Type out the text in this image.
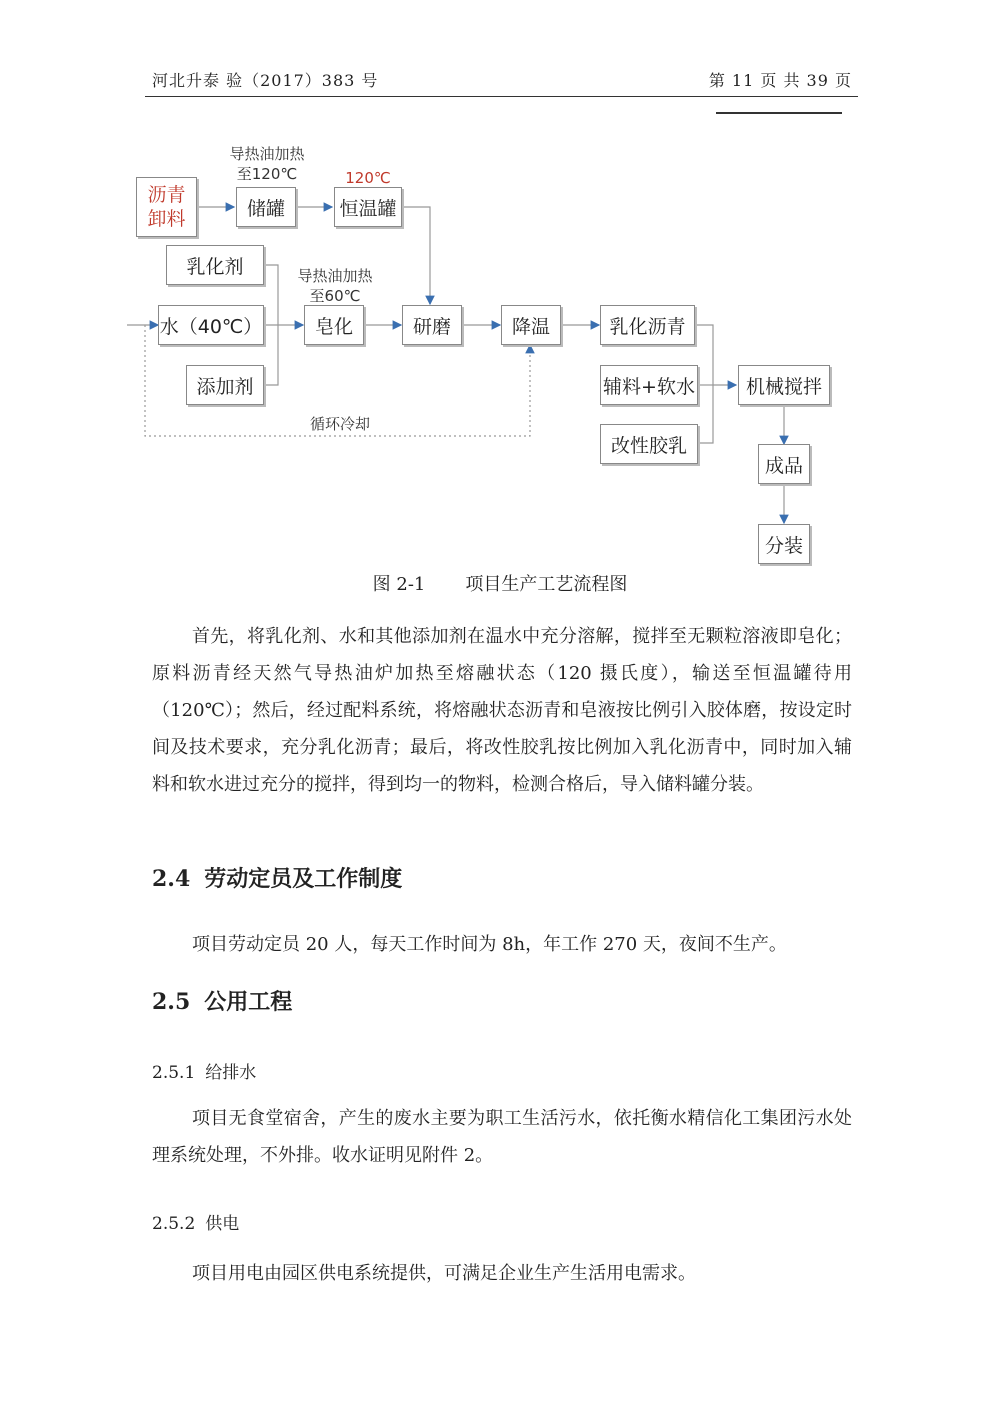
河北升泰 验（2017）383 号	第 11 页 共 39 页
沥青
卸料	储罐	恒温罐
乳化剂
水（40℃）
添加剂
皂化	研磨	降温	乳化沥青
辅料+软水
改性胶乳
机械搅拌
成品
分装
导热油加热
至120℃	120℃
导热油加热
至60℃
循环冷却
图 2-1 项目生产工艺流程图
首先，将乳化剂、水和其他添加剂在温水中充分溶解，搅拌至无颗粒溶液即皂化；原料沥青经天然气导热油炉加热至熔融状态（120 摄氏度），输送至恒温罐待用（120℃）；然后，经过配料系统，将熔融状态沥青和皂液按比例引入胶体磨，按设定时间及技术要求，充分乳化沥青；最后，将改性胶乳按比例加入乳化沥青中，同时加入辅料和软水进过充分的搅拌，得到均一的物料，检测合格后，导入储料罐分装。
2.4 劳动定员及工作制度
项目劳动定员 20 人，每天工作时间为 8h，年工作 270 天，夜间不生产。
2.5 公用工程
2.5.1 给排水
项目无食堂宿舍，产生的废水主要为职工生活污水，依托衡水精信化工集团污水处理系统处理，不外排。收水证明见附件 2。
2.5.2 供电
项目用电由园区供电系统提供，可满足企业生产生活用电需求。
